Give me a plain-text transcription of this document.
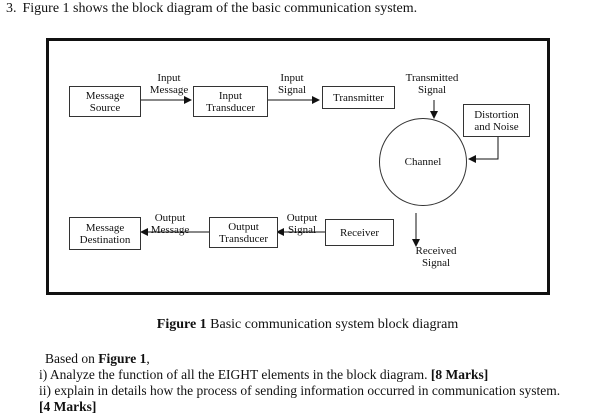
3. Figure 1 shows the block diagram of the basic communication system.
Message
Source
Input
Transducer
Transmitter
Distortion
and Noise
Channel
Receiver
Output
Transducer
Message
Destination
Input
Message
Input
Signal
Transmitted
Signal
Output
Message
Output
Signal
Received
Signal
Figure 1 Basic communication system block diagram
Based on Figure 1,
i) Analyze the function of all the EIGHT elements in the block diagram. [8 Marks]
ii) explain in details how the process of sending information occurred in communication system.
[4 Marks]
